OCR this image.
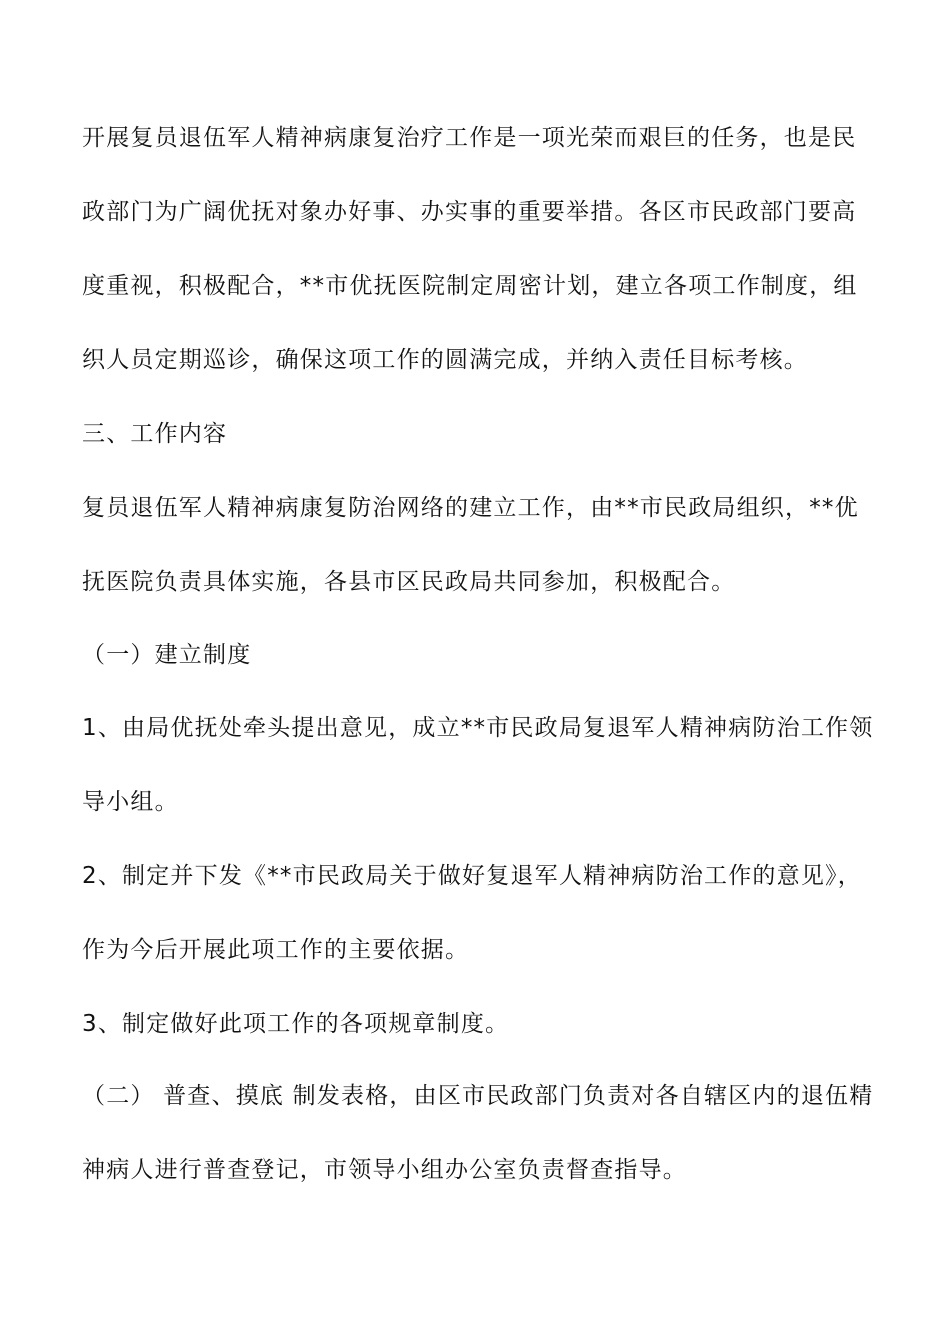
开展复员退伍军人精神病康复治疗工作是一项光荣而艰巨的任务，也是民
政部门为广阔优抚对象办好事、办实事的重要举措。各区市民政部门要高
度重视，积极配合，**市优抚医院制定周密计划，建立各项工作制度，组
织人员定期巡诊，确保这项工作的圆满完成，并纳入责任目标考核。
三、工作内容
复员退伍军人精神病康复防治网络的建立工作，由**市民政局组织，**优
抚医院负责具体实施，各县市区民政局共同参加，积极配合。
（一）建立制度
1、由局优抚处牵头提出意见，成立**市民政局复退军人精神病防治工作领
导小组。
2、制定并下发《**市民政局关于做好复退军人精神病防治工作的意见》，
作为今后开展此项工作的主要依据。
3、制定做好此项工作的各项规章制度。
（二） 普查、摸底 制发表格，由区市民政部门负责对各自辖区内的退伍精
神病人进行普查登记，市领导小组办公室负责督查指导。
